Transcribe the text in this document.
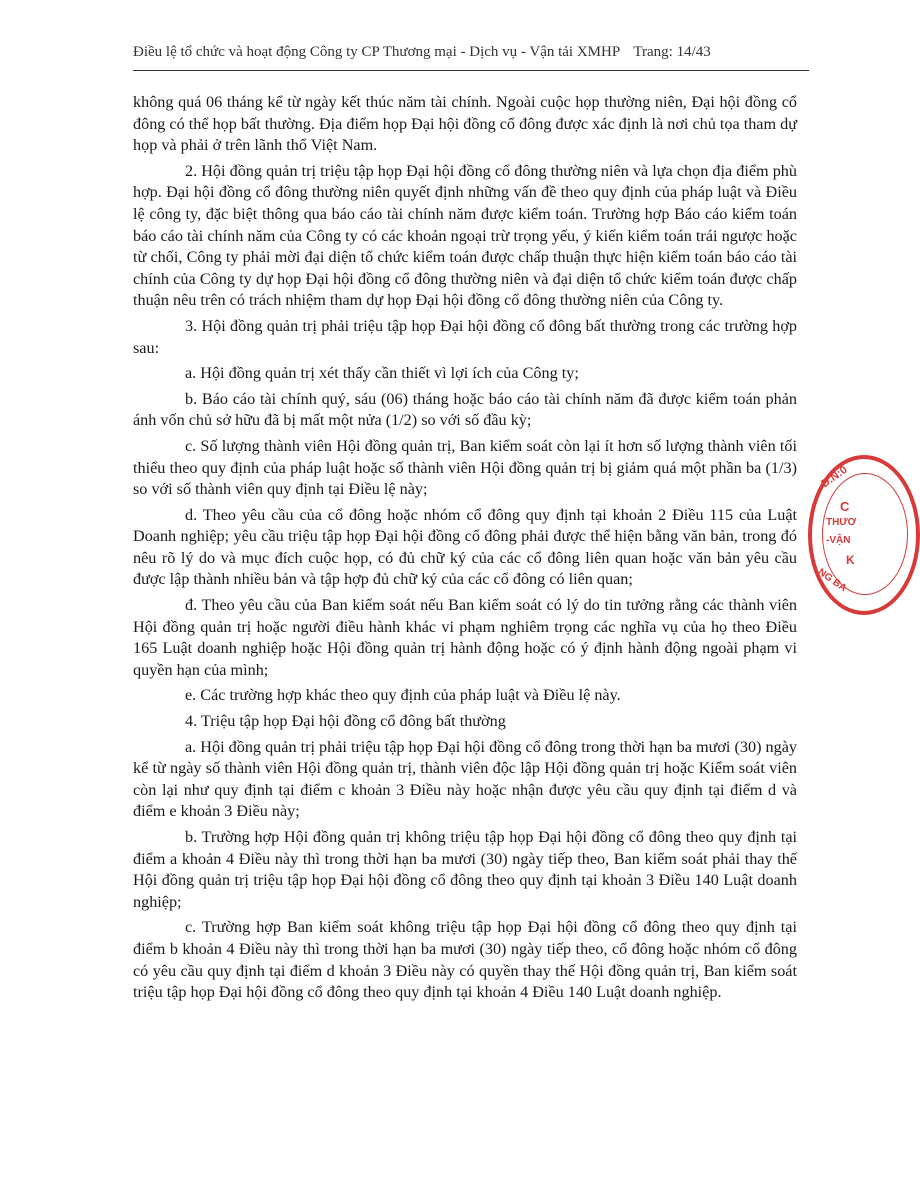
Điều lệ tổ chức và hoạt động Công ty CP Thương mại - Dịch vụ - Vận tải XMHP Trang: 14/43

không quá 06 tháng kể từ ngày kết thúc năm tài chính. Ngoài cuộc họp thường niên, Đại hội đồng cổ đông có thể họp bất thường. Địa điểm họp Đại hội đồng cổ đông được xác định là nơi chủ tọa tham dự họp và phải ở trên lãnh thổ Việt Nam.

2. Hội đồng quản trị triệu tập họp Đại hội đồng cổ đông thường niên và lựa chọn địa điểm phù hợp. Đại hội đồng cổ đông thường niên quyết định những vấn đề theo quy định của pháp luật và Điều lệ công ty, đặc biệt thông qua báo cáo tài chính năm được kiểm toán. Trường hợp Báo cáo kiểm toán báo cáo tài chính năm của Công ty có các khoản ngoại trừ trọng yếu, ý kiến kiểm toán trái ngược hoặc từ chối, Công ty phải mời đại diện tổ chức kiểm toán được chấp thuận thực hiện kiểm toán báo cáo tài chính của Công ty dự họp Đại hội đồng cổ đông thường niên và đại diện tổ chức kiểm toán được chấp thuận nêu trên có trách nhiệm tham dự họp Đại hội đồng cổ đông thường niên của Công ty.

3. Hội đồng quản trị phải triệu tập họp Đại hội đồng cổ đông bất thường trong các trường hợp sau:

a. Hội đồng quản trị xét thấy cần thiết vì lợi ích của Công ty;

b. Báo cáo tài chính quý, sáu (06) tháng hoặc báo cáo tài chính năm đã được kiểm toán phản ánh vốn chủ sở hữu đã bị mất một nửa (1/2) so với số đầu kỳ;

c. Số lượng thành viên Hội đồng quản trị, Ban kiểm soát còn lại ít hơn số lượng thành viên tối thiểu theo quy định của pháp luật hoặc số thành viên Hội đồng quản trị bị giảm quá một phần ba (1/3) so với số thành viên quy định tại Điều lệ này;

d. Theo yêu cầu của cổ đông hoặc nhóm cổ đông quy định tại khoản 2 Điều 115 của Luật Doanh nghiệp; yêu cầu triệu tập họp Đại hội đồng cổ đông phải được thể hiện bằng văn bản, trong đó nêu rõ lý do và mục đích cuộc họp, có đủ chữ ký của các cổ đông liên quan hoặc văn bản yêu cầu được lập thành nhiều bản và tập hợp đủ chữ ký của các cổ đông có liên quan;

đ. Theo yêu cầu của Ban kiểm soát nếu Ban kiểm soát có lý do tin tưởng rằng các thành viên Hội đồng quản trị hoặc người điều hành khác vi phạm nghiêm trọng các nghĩa vụ của họ theo Điều 165 Luật doanh nghiệp hoặc Hội đồng quản trị hành động hoặc có ý định hành động ngoài phạm vi quyền hạn của mình;

e. Các trường hợp khác theo quy định của pháp luật và Điều lệ này.

4. Triệu tập họp Đại hội đồng cổ đông bất thường

a. Hội đồng quản trị phải triệu tập họp Đại hội đồng cổ đông trong thời hạn ba mươi (30) ngày kể từ ngày số thành viên Hội đồng quản trị, thành viên độc lập Hội đồng quản trị hoặc Kiểm soát viên còn lại như quy định tại điểm c khoản 3 Điều này hoặc nhận được yêu cầu quy định tại điểm d và điểm e khoản 3 Điều này;

b. Trường hợp Hội đồng quản trị không triệu tập họp Đại hội đồng cổ đông theo quy định tại điểm a khoản 4 Điều này thì trong thời hạn ba mươi (30) ngày tiếp theo, Ban kiểm soát phải thay thế Hội đồng quản trị triệu tập họp Đại hội đồng cổ đông theo quy định tại khoản 3 Điều 140 Luật doanh nghiệp;

c. Trường hợp Ban kiểm soát không triệu tập họp Đại hội đồng cổ đông theo quy định tại điểm b khoản 4 Điều này thì trong thời hạn ba mươi (30) ngày tiếp theo, cổ đông hoặc nhóm cổ đông có yêu cầu quy định tại điểm d khoản 3 Điều này có quyền thay thế Hội đồng quản trị, Ban kiểm soát triệu tập họp Đại hội đồng cổ đông theo quy định tại khoản 4 Điều 140 Luật doanh nghiệp.

Đ.N:0
C
THƯƠ
-VẬN
K
NG BA
